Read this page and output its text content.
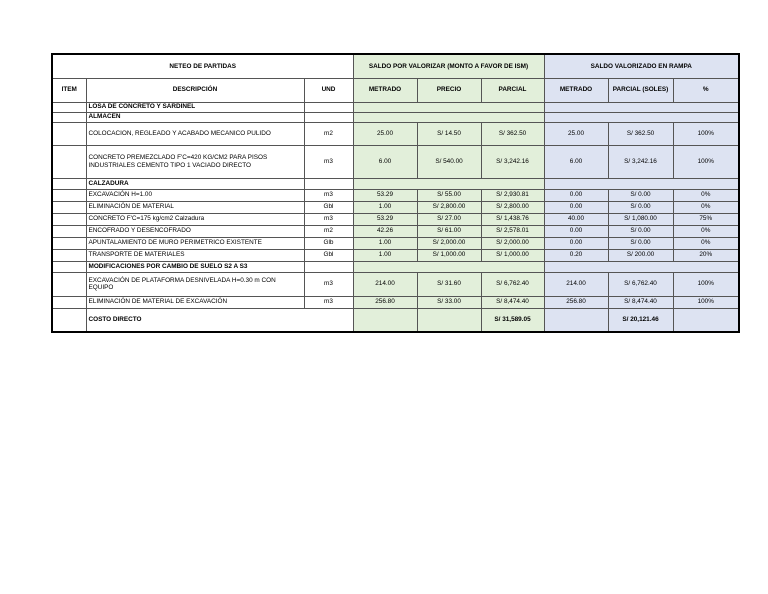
NETEO DE PARTIDAS			SALDO POR VALORIZAR (MONTO A FAVOR DE ISM)			SALDO VALORIZADO EN RAMPA		
ITEM	DESCRIPCIÓN	UND	METRADO	PRECIO	PARCIAL	METRADO	PARCIAL (SOLES)	%
	LOSA DE CONCRETO Y SARDINEL							
	ALMACEN							
	COLOCACION, REGLEADO Y ACABADO MECANICO PULIDO	m2	25.00	S/ 14.50	S/ 362.50	25.00	S/ 362.50	100%
	CONCRETO PREMEZCLADO F'C=420 KG/CM2 PARA PISOS INDUSTRIALES CEMENTO TIPO 1 VACIADO DIRECTO	m3	6.00	S/ 540.00	S/ 3,242.16	6.00	S/ 3,242.16	100%
	CALZADURA							
	EXCAVACIÓN H=1.00	m3	53.29	S/ 55.00	S/ 2,930.81	0.00	S/ 0.00	0%
	ELIMINACIÓN DE MATERIAL	Gbl	1.00	S/ 2,800.00	S/ 2,800.00	0.00	S/ 0.00	0%
	CONCRETO F'C=175 kg/cm2 Calzadura	m3	53.29	S/ 27.00	S/ 1,438.76	40.00	S/ 1,080.00	75%
	ENCOFRADO Y DESENCOFRADO	m2	42.26	S/ 61.00	S/ 2,578.01	0.00	S/ 0.00	0%
	APUNTALAMIENTO DE MURO PERIMETRICO EXISTENTE	Glb	1.00	S/ 2,000.00	S/ 2,000.00	0.00	S/ 0.00	0%
	TRANSPORTE DE MATERIALES	Gbl	1.00	S/ 1,000.00	S/ 1,000.00	0.20	S/ 200.00	20%
	MODIFICACIONES POR CAMBIO DE SUELO S2 A S3							
	EXCAVACIÓN DE PLATAFORMA DESNIVELADA H=0.30 m CON EQUIPO	m3	214.00	S/ 31.60	S/ 6,762.40	214.00	S/ 6,762.40	100%
	ELIMINACIÓN DE MATERIAL DE EXCAVACIÓN	m3	256.80	S/ 33.00	S/ 8,474.40	256.80	S/ 8,474.40	100%
	COSTO DIRECTO				S/ 31,589.05		S/ 20,121.46	
